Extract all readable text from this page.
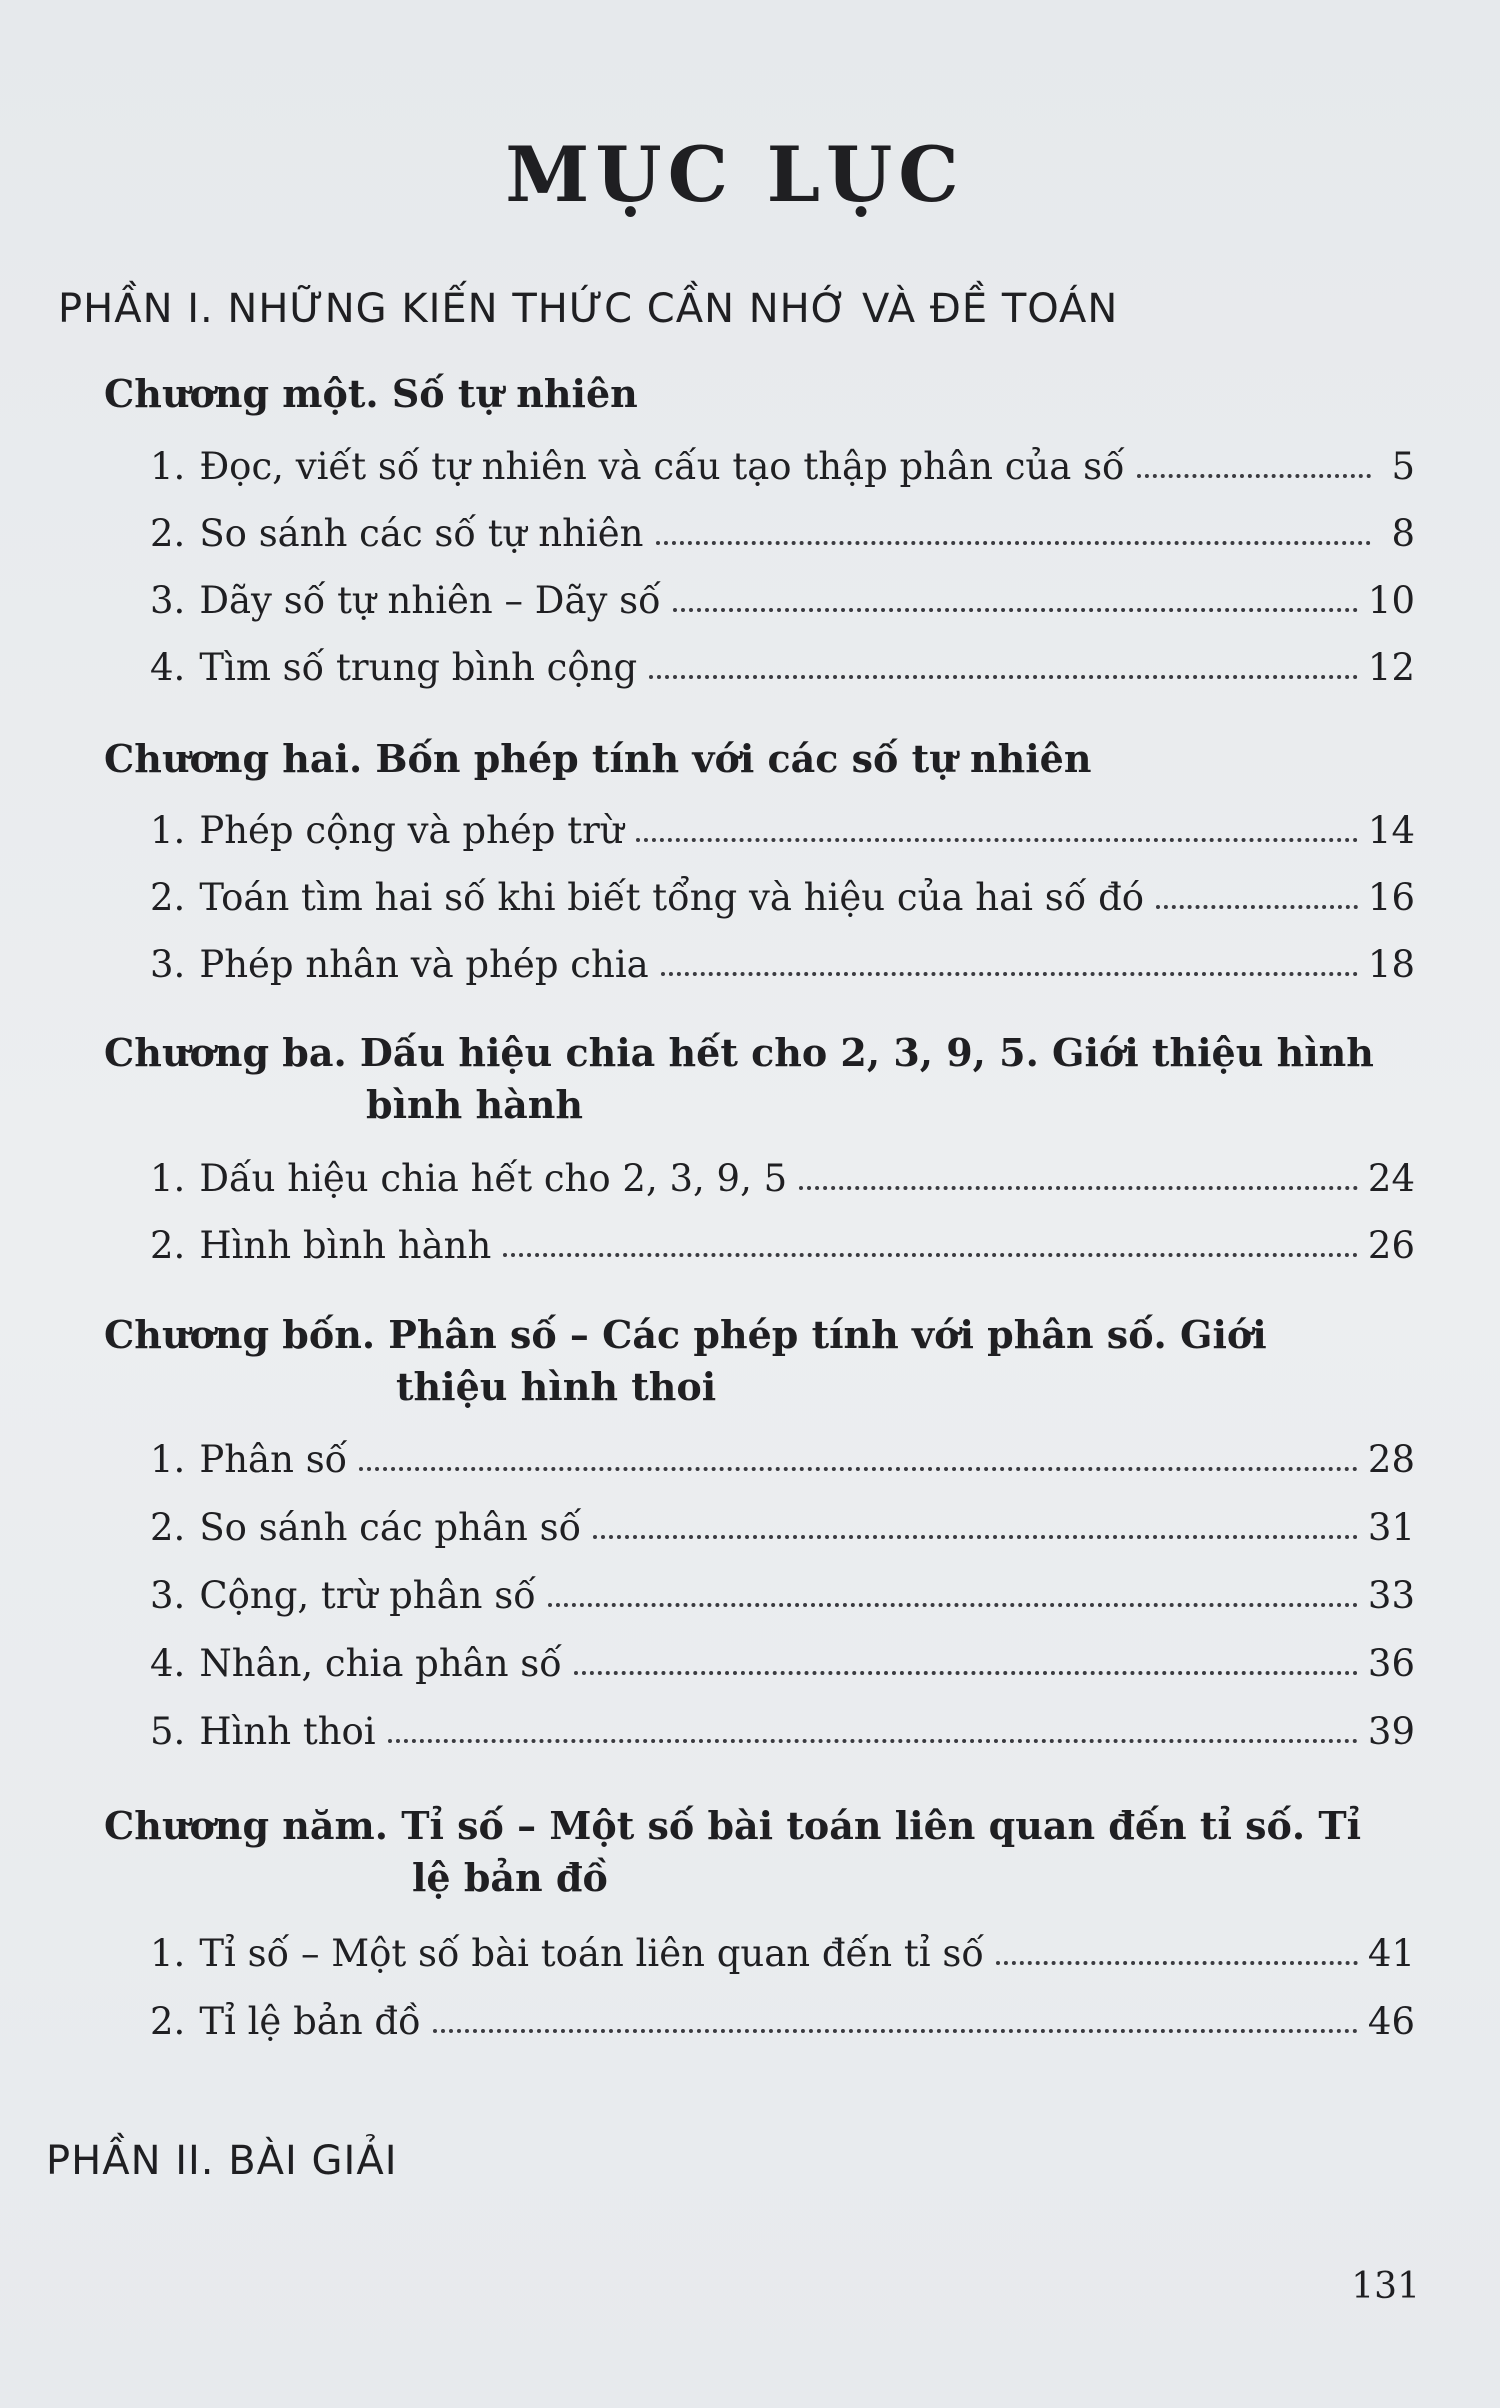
MỤC LỤC
PHẦN I. NHỮNG KIẾN THỨC CẦN NHỚ VÀ ĐỀ TOÁN
Chương một. Số tự nhiên
1. Đọc, viết số tự nhiên và cấu tạo thập phân của số	5
2. So sánh các số tự nhiên	8
3. Dãy số tự nhiên – Dãy số	10
4. Tìm số trung bình cộng	12
Chương hai. Bốn phép tính với các số tự nhiên
1. Phép cộng và phép trừ	14
2. Toán tìm hai số khi biết tổng và hiệu của hai số đó	16
3. Phép nhân và phép chia	18
Chương ba. Dấu hiệu chia hết cho 2, 3, 9, 5. Giới thiệu hình
bình hành
1. Dấu hiệu chia hết cho 2, 3, 9, 5	24
2. Hình bình hành	26
Chương bốn. Phân số – Các phép tính với phân số. Giới
thiệu hình thoi
1. Phân số	28
2. So sánh các phân số	31
3. Cộng, trừ phân số	33
4. Nhân, chia phân số	36
5. Hình thoi	39
Chương năm. Tỉ số – Một số bài toán liên quan đến tỉ số. Tỉ
lệ bản đồ
1. Tỉ số – Một số bài toán liên quan đến tỉ số	41
2. Tỉ lệ bản đồ	46
PHẦN II. BÀI GIẢI
131
